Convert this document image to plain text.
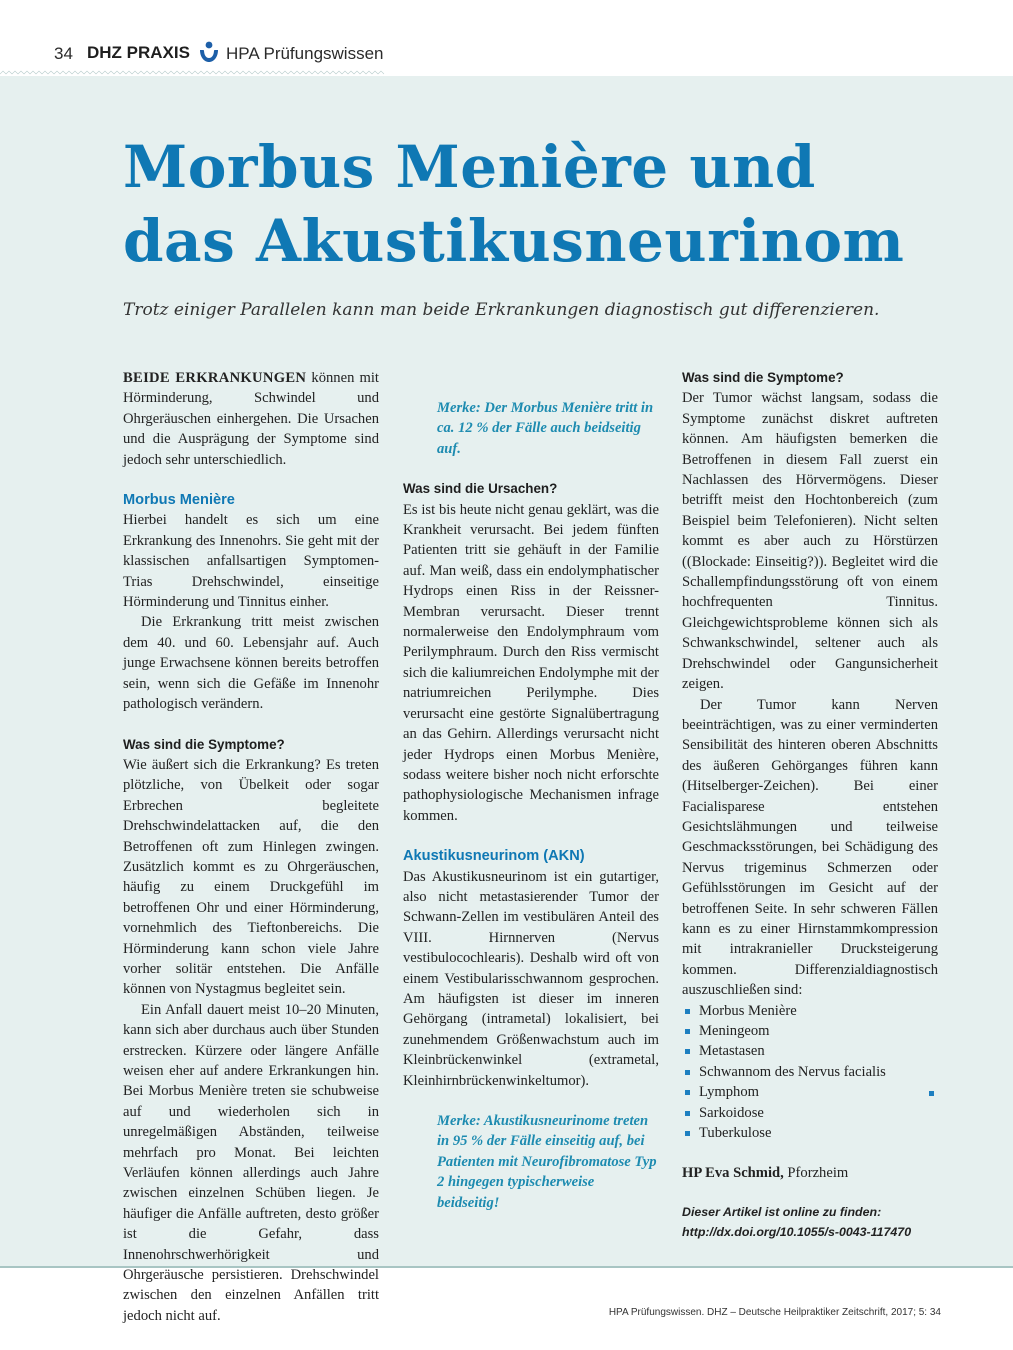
34 DHZ PRAXIS HPA Prüfungswissen
Morbus Menière und
das Akustikusneurinom

Trotz einiger Parallelen kann man beide Erkrankungen diagnostisch gut differenzieren.

BEIDE ERKRANKUNGEN können mit Hörminderung, Schwindel und Ohrgeräuschen einhergehen. Die Ursachen und die Ausprägung der Symptome sind jedoch sehr unterschiedlich.

Morbus Menière

Hierbei handelt es sich um eine Erkrankung des Innenohrs. Sie geht mit der klassischen anfallsartigen Symptomen-Trias Drehschwindel, einseitige Hörminderung und Tinnitus einher.

Die Erkrankung tritt meist zwischen dem 40. und 60. Lebensjahr auf. Auch junge Erwachsene können bereits betroffen sein, wenn sich die Gefäße im Innenohr pathologisch verändern.

Was sind die Symptome?

Wie äußert sich die Erkrankung? Es treten plötzliche, von Übelkeit oder sogar Erbrechen begleitete Drehschwindelattacken auf, die den Betroffenen oft zum Hinlegen zwingen. Zusätzlich kommt es zu Ohrgeräuschen, häufig zu einem Druckgefühl im betroffenen Ohr und einer Hörminderung, vornehmlich des Tieftonbereichs. Die Hörminderung kann schon viele Jahre vorher solitär entstehen. Die Anfälle können von Nystagmus begleitet sein.

Ein Anfall dauert meist 10–20 Minuten, kann sich aber durchaus auch über Stunden erstrecken. Kürzere oder längere Anfälle weisen eher auf andere Erkrankungen hin. Bei Morbus Menière treten sie schubweise auf und wiederholen sich in unregelmäßigen Abständen, teilweise mehrfach pro Monat. Bei leichten Verläufen können allerdings auch Jahre zwischen einzelnen Schüben liegen. Je häufiger die Anfälle auftreten, desto größer ist die Gefahr, dass Innenohrschwerhörigkeit und Ohrgeräusche persistieren. Drehschwindel zwischen den einzelnen Anfällen tritt jedoch nicht auf.

Merke: Der Morbus Menière tritt in ca. 12 % der Fälle auch beidseitig auf.
Was sind die Ursachen?

Es ist bis heute nicht genau geklärt, was die Krankheit verursacht. Bei jedem fünften Patienten tritt sie gehäuft in der Familie auf. Man weiß, dass ein endolymphatischer Hydrops einen Riss in der Reissner-Membran verursacht. Dieser trennt normalerweise den Endolymphraum vom Perilymphraum. Durch den Riss vermischt sich die kaliumreichen Endolymphe mit der natriumreichen Perilymphe. Dies verursacht eine gestörte Signalübertragung an das Gehirn. Allerdings verursacht nicht jeder Hydrops einen Morbus Menière, sodass weitere bisher noch nicht erforschte pathophysiologische Mechanismen infrage kommen.

Akustikusneurinom (AKN)

Das Akustikusneurinom ist ein gutartiger, also nicht metastasierender Tumor der Schwann-Zellen im vestibulären Anteil des VIII. Hirnnerven (Nervus vestibulocochlearis). Deshalb wird oft von einem Vestibularisschwannom gesprochen. Am häufigsten ist dieser im inneren Gehörgang (intrametal) lokalisiert, bei zunehmendem Größenwachstum auch im Kleinbrückenwinkel (extrametal, Kleinhirnbrückenwinkeltumor).

Merke: Akustikusneurinome treten in 95 % der Fälle einseitig auf, bei Patienten mit Neurofibromatose Typ 2 hingegen typischerweise beidseitig!
Was sind die Symptome?

Der Tumor wächst langsam, sodass die Symptome zunächst diskret auftreten können. Am häufigsten bemerken die Betroffenen in diesem Fall zuerst ein Nachlassen des Hörvermögens. Dieser betrifft meist den Hochtonbereich (zum Beispiel beim Telefonieren). Nicht selten kommt es aber auch zu Hörstürzen ((Blockade: Einseitig?)). Begleitet wird die Schallempfindungsstörung oft von einem hochfrequenten Tinnitus. Gleichgewichtsprobleme können sich als Schwankschwindel, seltener auch als Drehschwindel oder Gangunsicherheit zeigen.

Der Tumor kann Nerven beeinträchtigen, was zu einer verminderten Sensibilität des hinteren oberen Abschnitts des äußeren Gehörganges führen kann (Hitselberger-Zeichen). Bei einer Facialisparese entstehen Gesichtslähmungen und teilweise Geschmacksstörungen, bei Schädigung des Nervus trigeminus Schmerzen oder Gefühlsstörungen im Gesicht auf der betroffenen Seite. In sehr schweren Fällen kann es zu einer Hirnstammkompression mit intrakranieller Drucksteigerung kommen. Differenzialdiagnostisch auszuschließen sind:

Morbus Menière
Meningeom
Metastasen
Schwannom des Nervus facialis
Lymphom
Sarkoidose
Tuberkulose

HP Eva Schmid, Pforzheim

Dieser Artikel ist online zu finden:
http://dx.doi.org/10.1055/s-0043-117470

HPA Prüfungswissen. DHZ – Deutsche Heilpraktiker Zeitschrift, 2017; 5: 34
